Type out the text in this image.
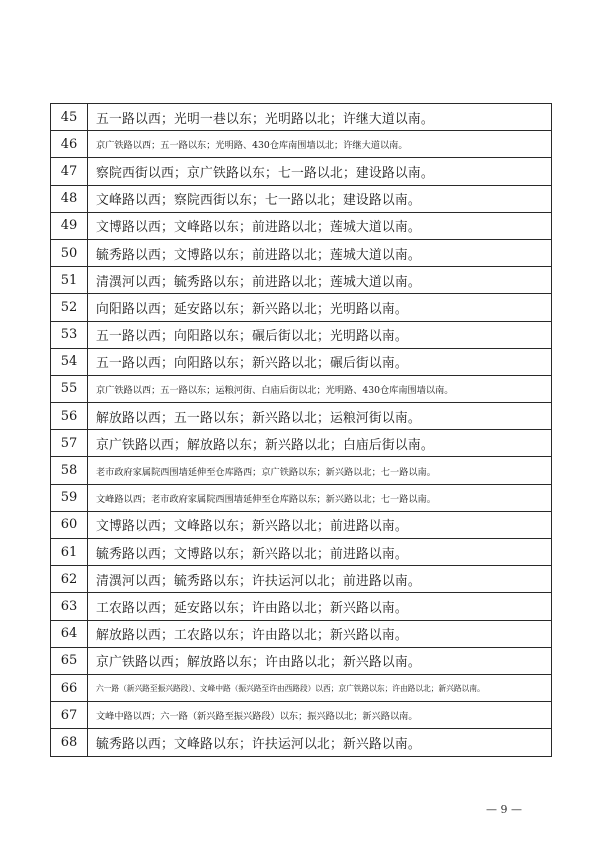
45	五一路以西；光明一巷以东；光明路以北；许继大道以南。
46	京广铁路以西；五一路以东；光明路、430仓库南围墙以北；许继大道以南。
47	察院西街以西；京广铁路以东；七一路以北；建设路以南。
48	文峰路以西；察院西街以东；七一路以北；建设路以南。
49	文博路以西；文峰路以东；前进路以北；莲城大道以南。
50	毓秀路以西；文博路以东；前进路以北；莲城大道以南。
51	清潩河以西；毓秀路以东；前进路以北；莲城大道以南。
52	向阳路以西；延安路以东；新兴路以北；光明路以南。
53	五一路以西；向阳路以东；碾后街以北；光明路以南。
54	五一路以西；向阳路以东；新兴路以北；碾后街以南。
55	京广铁路以西；五一路以东；运粮河街、白庙后街以北；光明路、430仓库南围墙以南。
56	解放路以西；五一路以东；新兴路以北；运粮河街以南。
57	京广铁路以西；解放路以东；新兴路以北；白庙后街以南。
58	老市政府家属院西围墙延伸至仓库路西；京广铁路以东；新兴路以北；七一路以南。
59	文峰路以西；老市政府家属院西围墙延伸至仓库路以东；新兴路以北；七一路以南。
60	文博路以西；文峰路以东；新兴路以北；前进路以南。
61	毓秀路以西；文博路以东；新兴路以北；前进路以南。
62	清潩河以西；毓秀路以东；许扶运河以北；前进路以南。
63	工农路以西；延安路以东；许由路以北；新兴路以南。
64	解放路以西；工农路以东；许由路以北；新兴路以南。
65	京广铁路以西；解放路以东；许由路以北；新兴路以南。
66	六一路（新兴路至振兴路段）、文峰中路（振兴路至许由西路段）以西；京广铁路以东；许由路以北；新兴路以南。
67	文峰中路以西；六一路（新兴路至振兴路段）以东；振兴路以北；新兴路以南。
68	毓秀路以西；文峰路以东；许扶运河以北；新兴路以南。
— 9 —
